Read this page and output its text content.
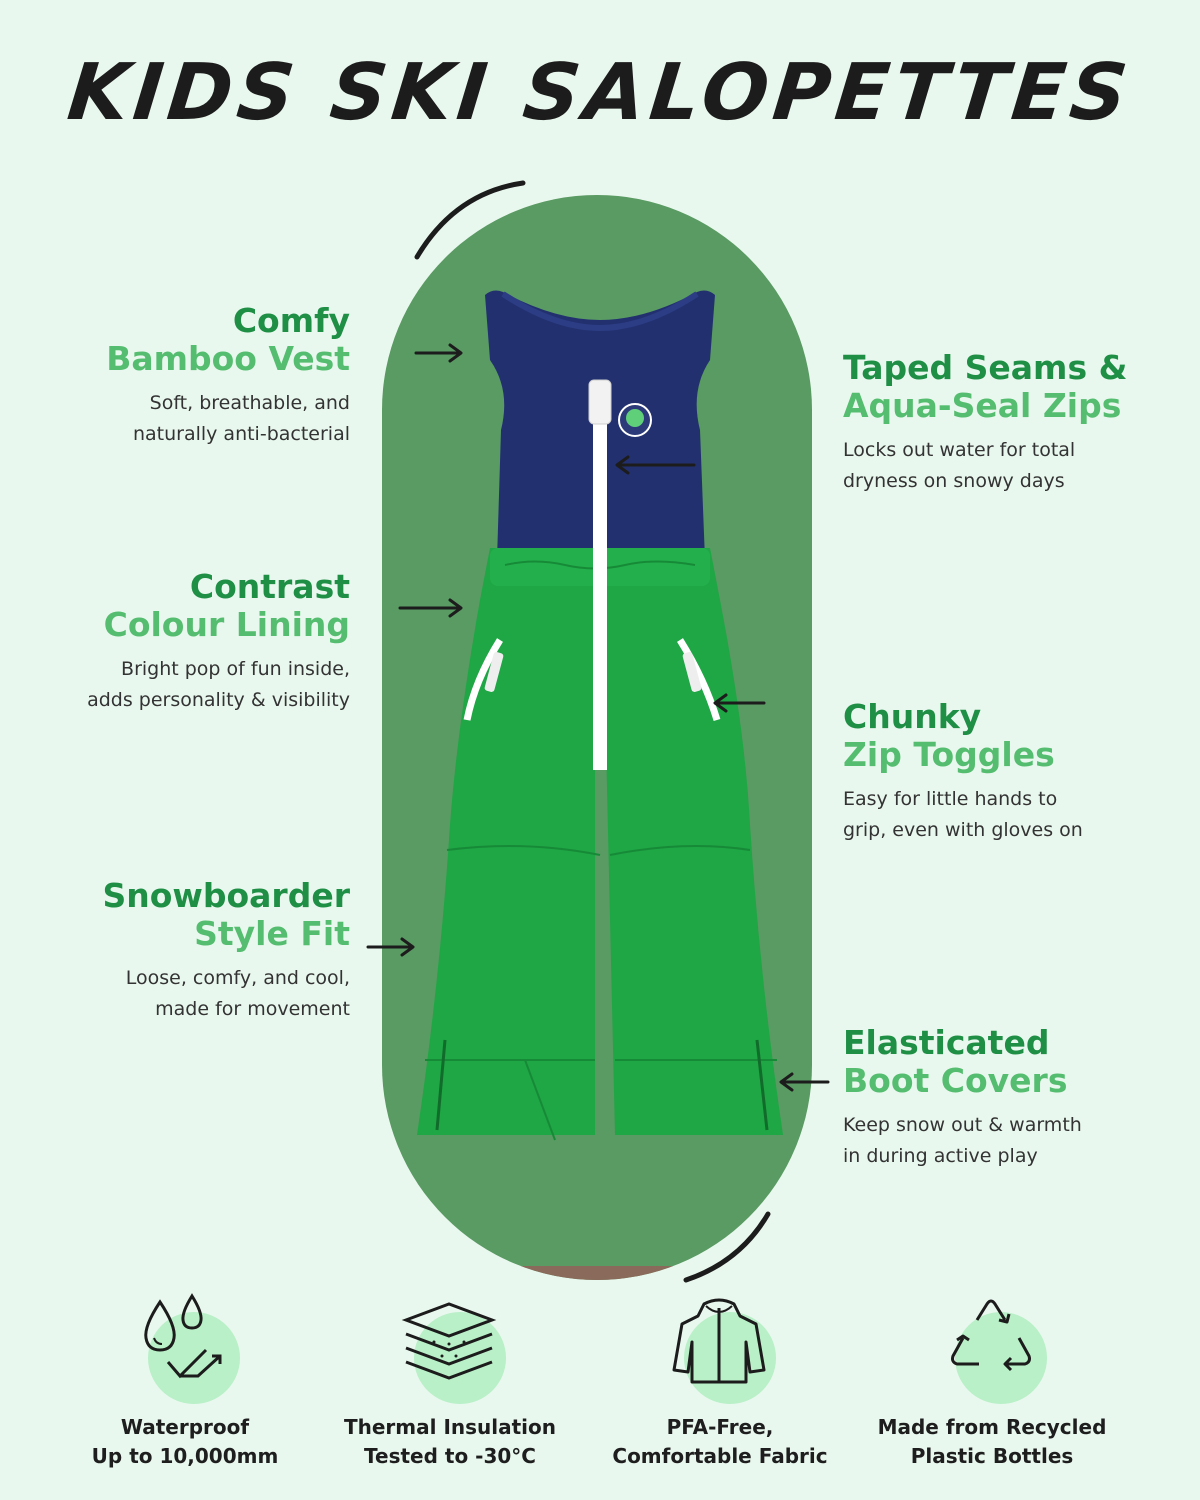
KIDS SKI SALOPETTES
Comfy
Bamboo Vest
Soft, breathable, and
naturally anti-bacterial
Contrast
Colour Lining
Bright pop of fun inside,
adds personality & visibility
Snowboarder
Style Fit
Loose, comfy, and cool,
made for movement
Taped Seams &
Aqua-Seal Zips
Locks out water for total
dryness on snowy days
Chunky
Zip Toggles
Easy for little hands to
grip, even with gloves on
Elasticated
Boot Covers
Keep snow out & warmth
in during active play
Waterproof
Up to 10,000mm
Thermal Insulation
Tested to -30°C
PFA-Free,
Comfortable Fabric
Made from Recycled
Plastic Bottles
